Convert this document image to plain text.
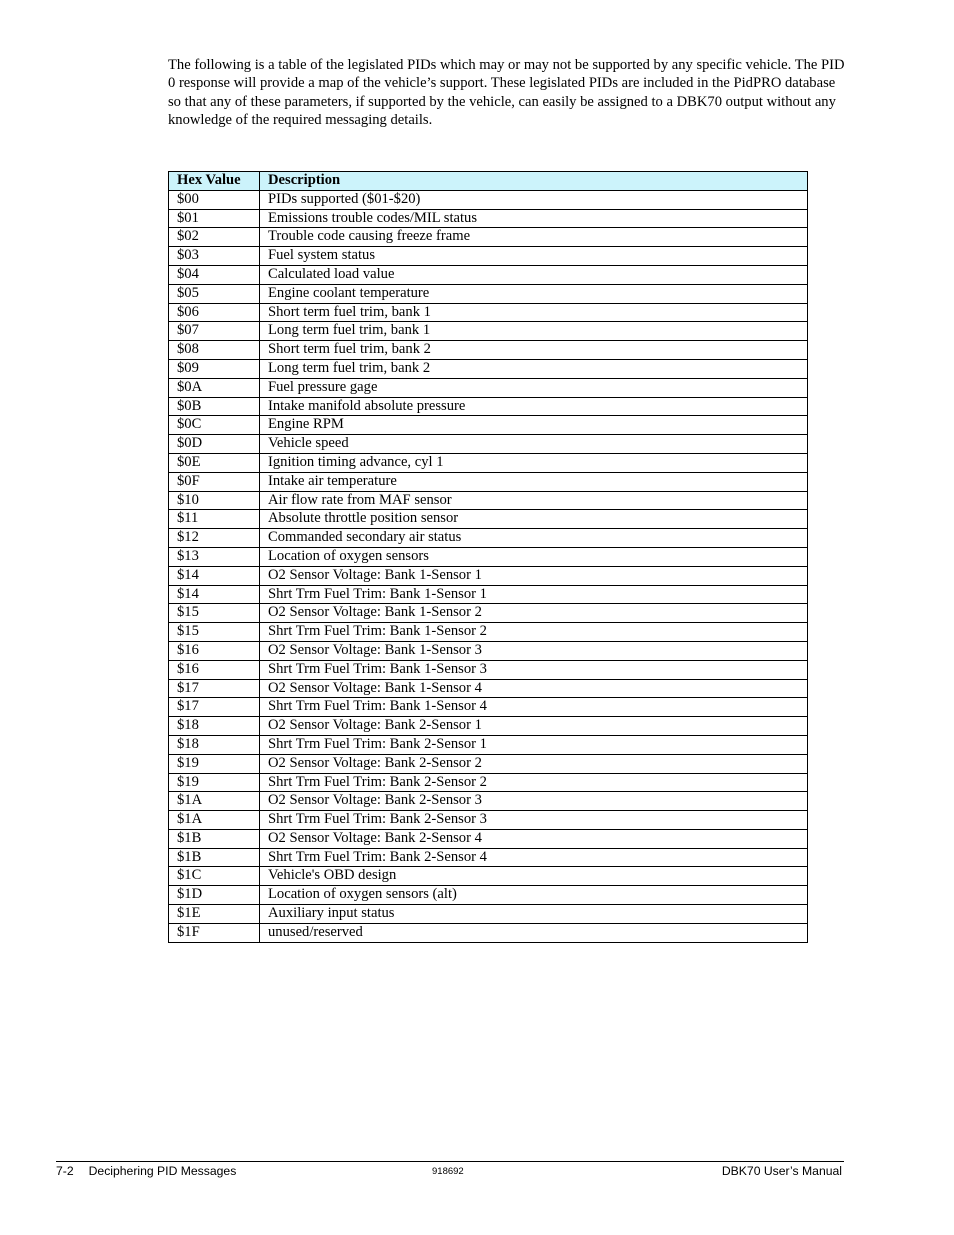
The following is a table of the legislated PIDs which may or may not be supported by any specific vehicle. The PID 0 response will provide a map of the vehicle’s support. These legislated PIDs are included in the PidPRO database so that any of these parameters, if supported by the vehicle, can easily be assigned to a DBK70 output without any knowledge of the required messaging details.

Hex Value	Description
$00	PIDs supported ($01-$20)
$01	Emissions trouble codes/MIL status
$02	Trouble code causing freeze frame
$03	Fuel system status
$04	Calculated load value
$05	Engine coolant temperature
$06	Short term fuel trim, bank 1
$07	Long term fuel trim, bank 1
$08	Short term fuel trim, bank 2
$09	Long term fuel trim, bank 2
$0A	Fuel pressure gage
$0B	Intake manifold absolute pressure
$0C	Engine RPM
$0D	Vehicle speed
$0E	Ignition timing advance, cyl 1
$0F	Intake air temperature
$10	Air flow rate from MAF sensor
$11	Absolute throttle position sensor
$12	Commanded secondary air status
$13	Location of oxygen sensors
$14	O2 Sensor Voltage: Bank 1-Sensor 1
$14	Shrt Trm Fuel Trim: Bank 1-Sensor 1
$15	O2 Sensor Voltage: Bank 1-Sensor 2
$15	Shrt Trm Fuel Trim: Bank 1-Sensor 2
$16	O2 Sensor Voltage: Bank 1-Sensor 3
$16	Shrt Trm Fuel Trim: Bank 1-Sensor 3
$17	O2 Sensor Voltage: Bank 1-Sensor 4
$17	Shrt Trm Fuel Trim: Bank 1-Sensor 4
$18	O2 Sensor Voltage: Bank 2-Sensor 1
$18	Shrt Trm Fuel Trim: Bank 2-Sensor 1
$19	O2 Sensor Voltage: Bank 2-Sensor 2
$19	Shrt Trm Fuel Trim: Bank 2-Sensor 2
$1A	O2 Sensor Voltage: Bank 2-Sensor 3
$1A	Shrt Trm Fuel Trim: Bank 2-Sensor 3
$1B	O2 Sensor Voltage: Bank 2-Sensor 4
$1B	Shrt Trm Fuel Trim: Bank 2-Sensor 4
$1C	Vehicle's OBD design
$1D	Location of oxygen sensors (alt)
$1E	Auxiliary input status
$1F	unused/reserved
7-2 Deciphering PID Messages	918692	DBK70 User’s Manual
